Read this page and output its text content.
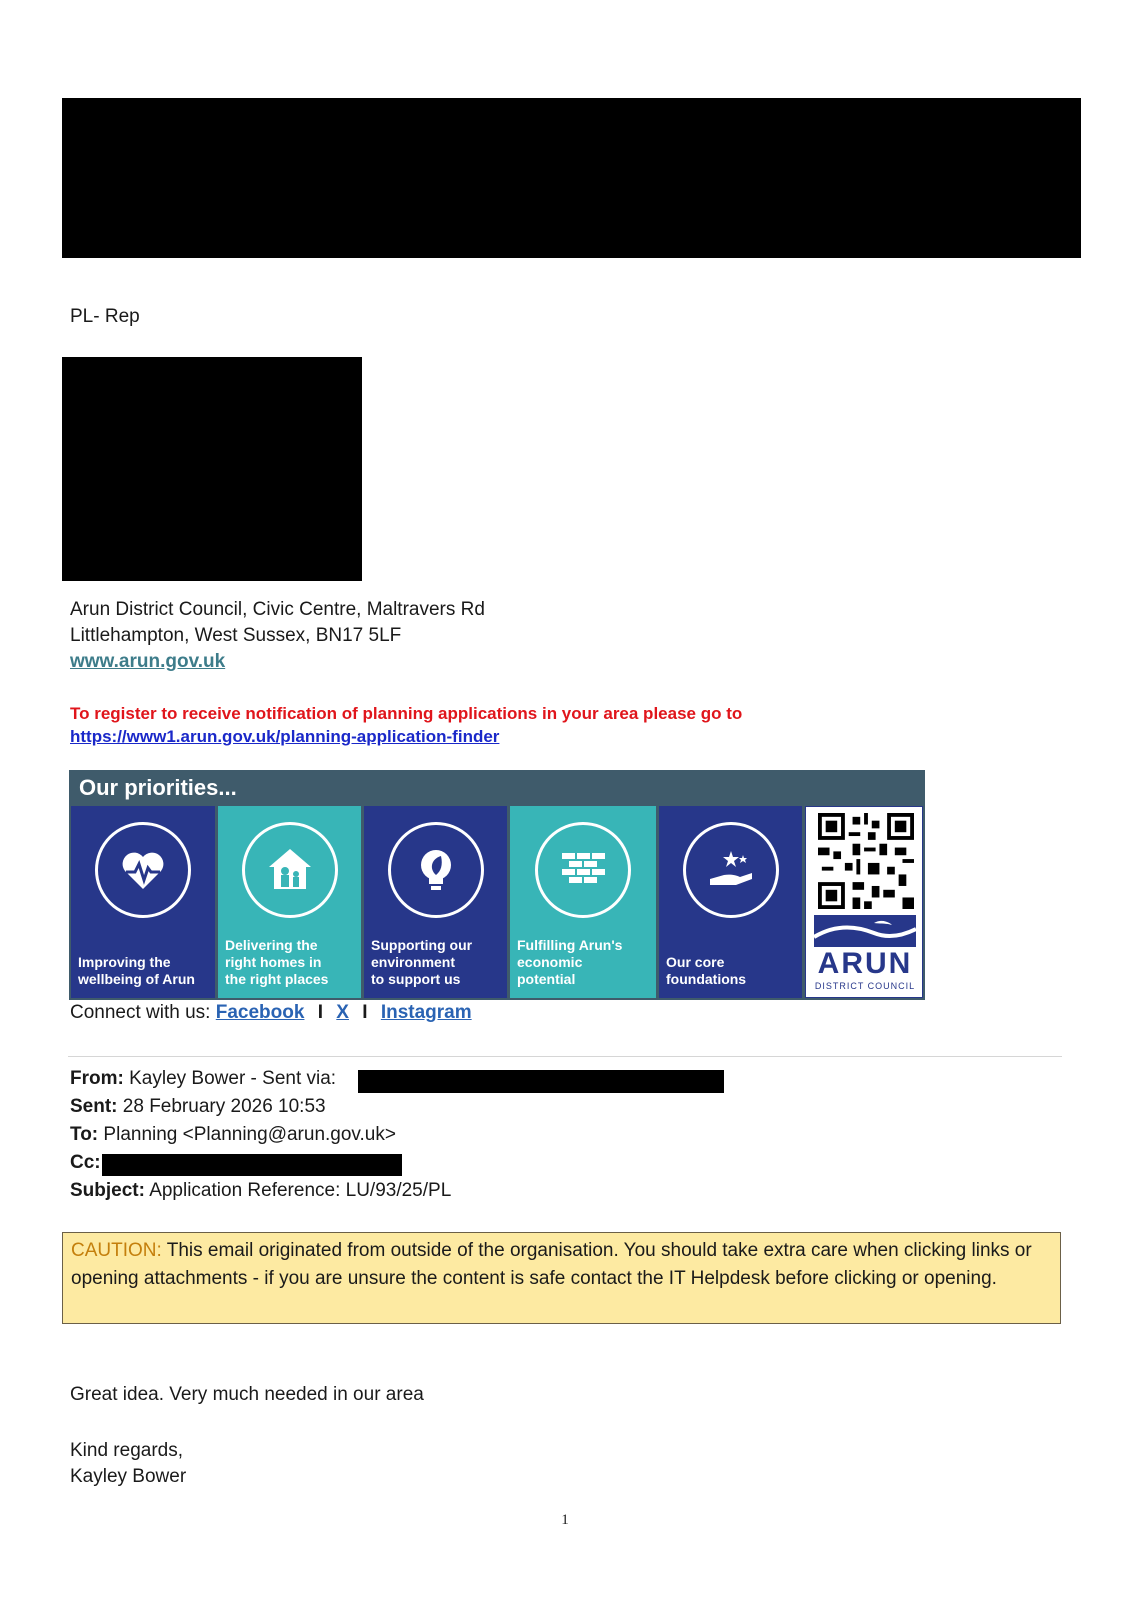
PL- Rep
Arun District Council, Civic Centre, Maltravers Rd
Littlehampton, West Sussex, BN17 5LF
www.arun.gov.uk
To register to receive notification of planning applications in your area please go to
https://www1.arun.gov.uk/planning-application-finder
Our priorities...
Improving the
wellbeing of Arun
Delivering the
right homes in
the right places
Supporting our
environment
to support us
Fulfilling Arun's
economic
potential
Our core
foundations	ARUN
DISTRICT COUNCIL
Connect with us: Facebook I X I Instagram
From: Kayley Bower - Sent via:
Sent: 28 February 2026 10:53
To: Planning <Planning@arun.gov.uk>
Cc:
Subject: Application Reference: LU/93/25/PL
CAUTION: This email originated from outside of the organisation. You should take extra care when clicking links or opening attachments - if you are unsure the content is safe contact the IT Helpdesk before clicking or opening.
Great idea. Very much needed in our area
Kind regards,
Kayley Bower
1
